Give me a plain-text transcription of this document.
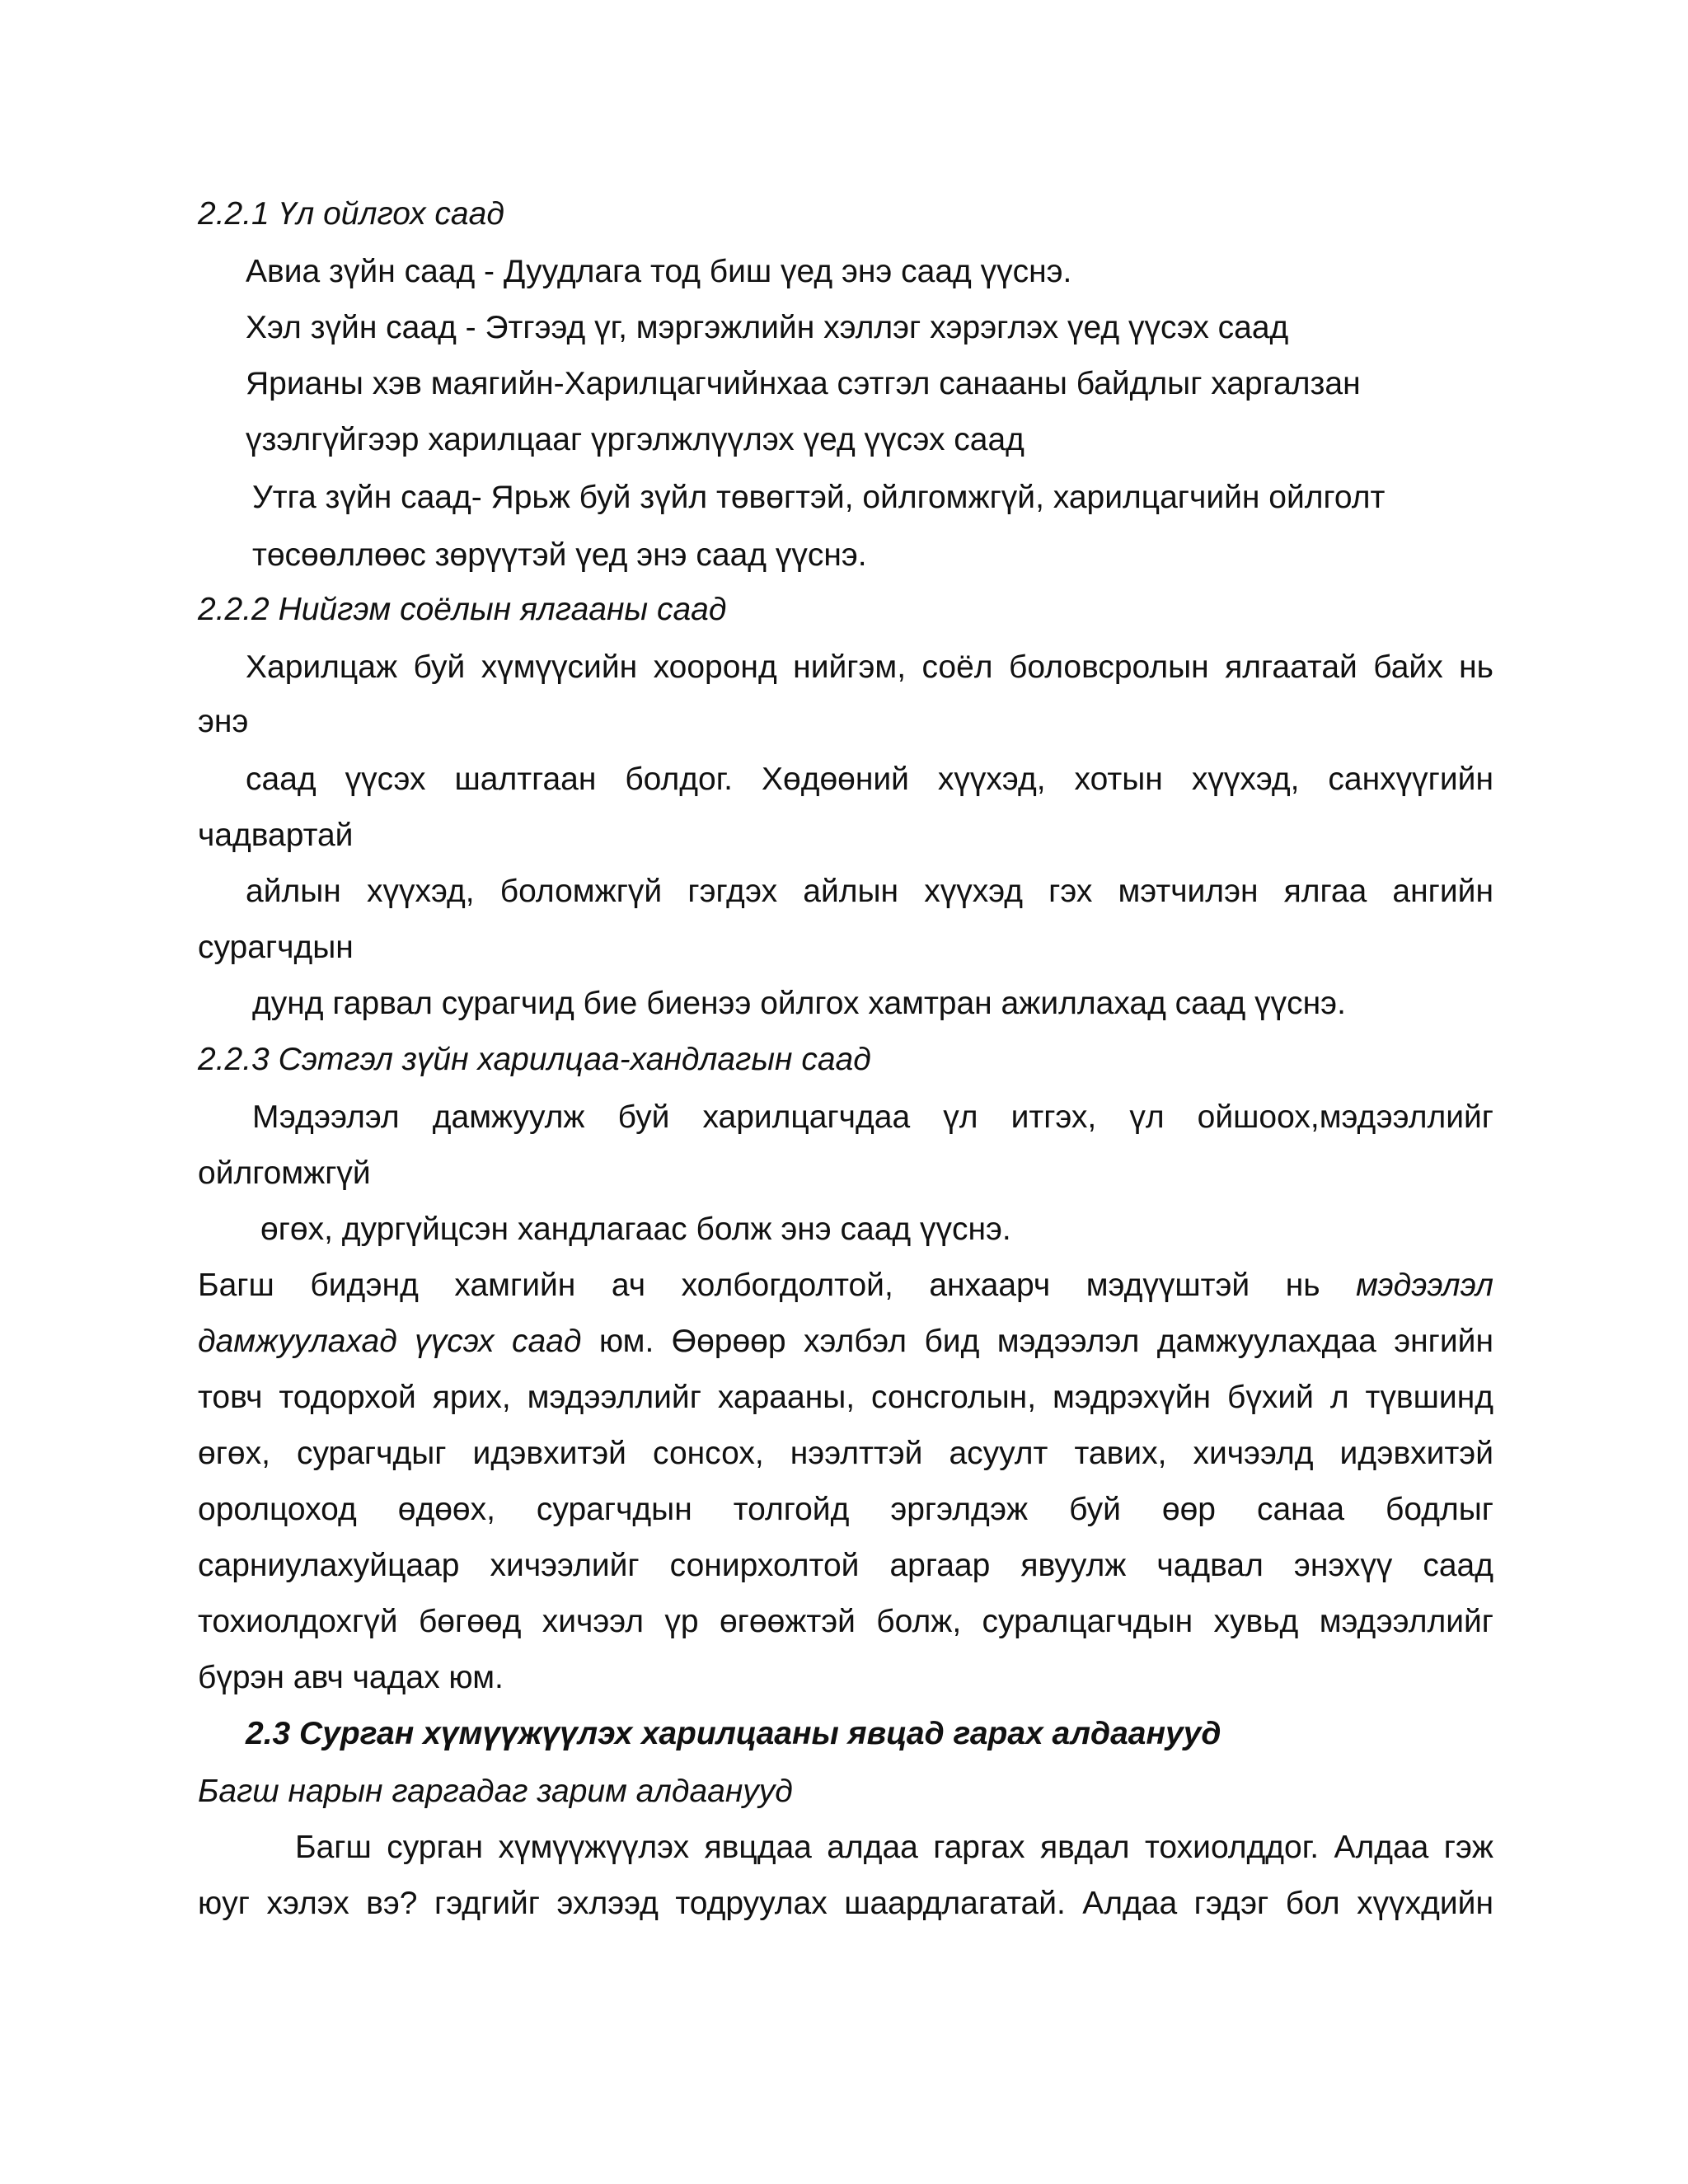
2.2.1 Үл ойлгох саад
Авиа зүйн саад - Дуудлага тод биш үед энэ саад үүснэ.
Хэл зүйн саад - Этгээд үг, мэргэжлийн хэллэг хэрэглэх үед үүсэх саад
Ярианы хэв маягийн-Харилцагчийнхаа сэтгэл санааны байдлыг харгалзан
үзэлгүйгээр харилцааг үргэлжлүүлэх үед үүсэх саад
Утга зүйн саад- Ярьж буй зүйл төвөгтэй, ойлгомжгүй, харилцагчийн ойлголт
төсөөллөөс зөрүүтэй үед энэ саад үүснэ.
2.2.2 Нийгэм соёлын ялгааны саад
Харилцаж буй хүмүүсийн хооронд нийгэм, соёл боловсролын ялгаатай байх нь
энэ
саад үүсэх шалтгаан болдог. Хөдөөний хүүхэд, хотын хүүхэд, санхүүгийн
чадвартай
айлын хүүхэд, боломжгүй гэгдэх айлын хүүхэд гэх мэтчилэн ялгаа ангийн
сурагчдын
дунд гарвал сурагчид бие биенээ ойлгох хамтран ажиллахад саад үүснэ.
2.2.3 Сэтгэл зүйн харилцаа-хандлагын саад
Мэдээлэл дамжуулж буй харилцагчдаа үл итгэх, үл ойшоох,мэдээллийг
ойлгомжгүй
өгөх, дургүйцсэн хандлагаас болж энэ саад үүснэ.
Багш бидэнд хамгийн ач холбогдолтой, анхаарч мэдүүштэй нь мэдээлэл
дамжуулахад үүсэх саад юм. Өөрөөр хэлбэл бид мэдээлэл дамжуулахдаа энгийн
товч тодорхой ярих, мэдээллийг харааны, сонсголын, мэдрэхүйн бүхий л түвшинд
өгөх, сурагчдыг идэвхитэй сонсох, нээлттэй асуулт тавих, хичээлд идэвхитэй
оролцоход өдөөх, сурагчдын толгойд эргэлдэж буй өөр санаа бодлыг
сарниулахуйцаар хичээлийг сонирхолтой аргаар явуулж чадвал энэхүү саад
тохиолдохгүй бөгөөд хичээл үр өгөөжтэй болж, суралцагчдын хувьд мэдээллийг
бүрэн авч чадах юм.
2.3 Сурган хүмүүжүүлэх харилцааны явцад гарах алдаанууд
Багш нарын гаргадаг зарим алдаанууд
Багш сурган хүмүүжүүлэх явцдаа алдаа гаргах явдал тохиолддог. Алдаа гэж
юуг хэлэх вэ? гэдгийг эхлээд тодруулах шаардлагатай. Алдаа гэдэг бол хүүхдийн
